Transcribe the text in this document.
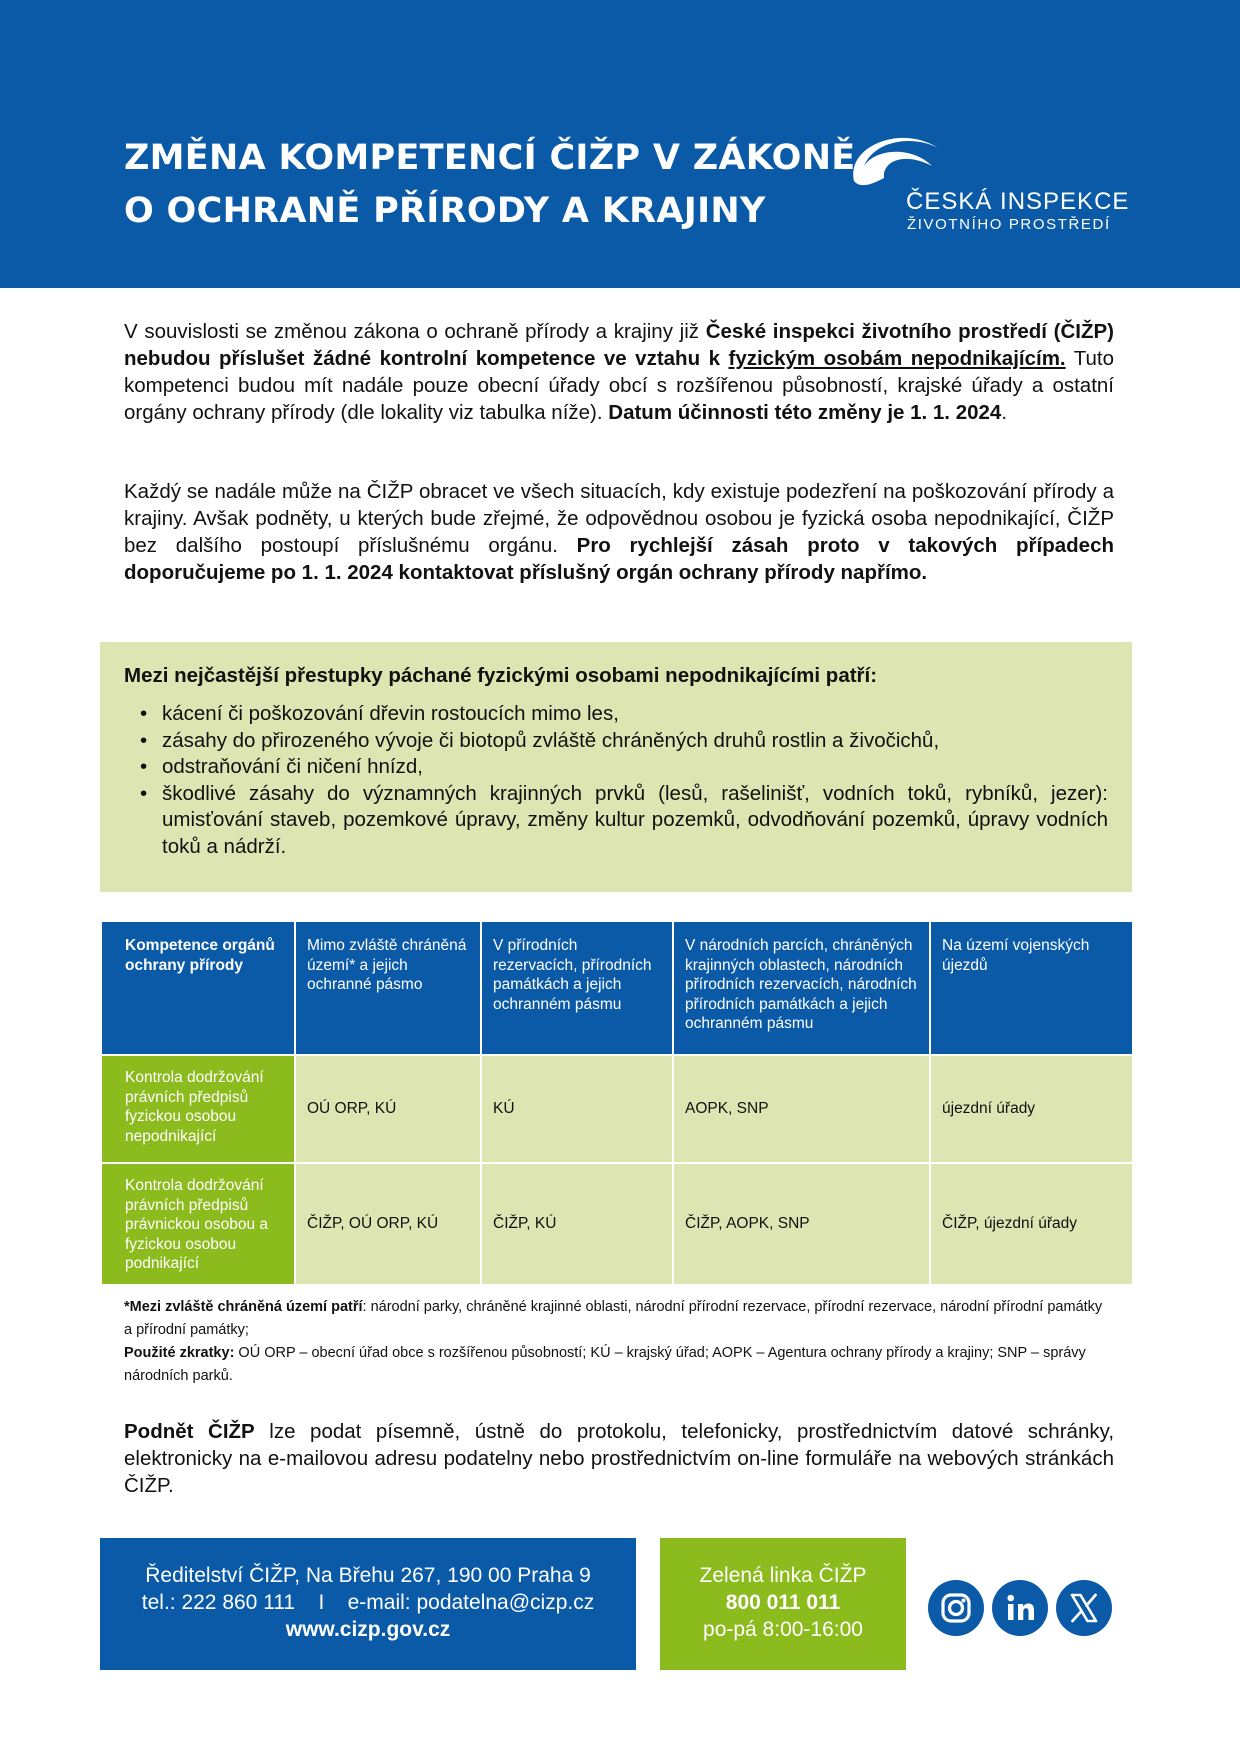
ZMĚNA KOMPETENCÍ ČIŽP V ZÁKONĚ
O OCHRANĚ PŘÍRODY A KRAJINY	ČESKÁ INSPEKCE
ŽIVOTNÍHO PROSTŘEDÍ

V souvislosti se změnou zákona o ochraně přírody a krajiny již České inspekci životního prostředí (ČIŽP) nebudou příslušet žádné kontrolní kompetence ve vztahu k fyzickým osobám nepodnikajícím. Tuto kompetenci budou mít nadále pouze obecní úřady obcí s rozšířenou působností, krajské úřady a ostatní orgány ochrany přírody (dle lokality viz tabulka níže). Datum účinnosti této změny je 1. 1. 2024.

Každý se nadále může na ČIŽP obracet ve všech situacích, kdy existuje podezření na poškozování přírody a krajiny. Avšak podněty, u kterých bude zřejmé, že odpovědnou osobou je fyzická osoba nepodnikající, ČIŽP bez dalšího postoupí příslušnému orgánu. Pro rychlejší zásah proto v takových případech doporučujeme po 1. 1. 2024 kontaktovat příslušný orgán ochrany přírody napřímo.

Mezi nejčastější přestupky páchané fyzickými osobami nepodnikajícími patří:
• kácení či poškozování dřevin rostoucích mimo les,
• zásahy do přirozeného vývoje či biotopů zvláště chráněných druhů rostlin a živočichů,
• odstraňování či ničení hnízd,
• škodlivé zásahy do významných krajinných prvků (lesů, rašelinišť, vodních toků, rybníků, jezer): umisťování staveb, pozemkové úpravy, změny kultur pozemků, odvodňování pozemků, úpravy vodních toků a nádrží.
Kompetence orgánů ochrany přírody	Mimo zvláště chráněná území* a jejich ochranné pásmo	V přírodních rezervacích, přírodních památkách a jejich ochranném pásmu	V národních parcích, chráněných krajinných oblastech, národních přírodních rezervacích, národních přírodních památkách a jejich ochranném pásmu	Na území vojenských újezdů
Kontrola dodržování právních předpisů fyzickou osobou nepodnikající	OÚ ORP, KÚ	KÚ	AOPK, SNP	újezdní úřady
Kontrola dodržování právních předpisů právnickou osobou a fyzickou osobou podnikající	ČIŽP, OÚ ORP, KÚ	ČIŽP, KÚ	ČIŽP, AOPK, SNP	ČIŽP, újezdní úřady
*Mezi zvláště chráněná území patří: národní parky, chráněné krajinné oblasti, národní přírodní rezervace, přírodní rezervace, národní přírodní památky a přírodní památky;
Použité zkratky: OÚ ORP – obecní úřad obce s rozšířenou působností; KÚ – krajský úřad; AOPK – Agentura ochrany přírody a krajiny; SNP – správy národních parků.
Podnět ČIŽP lze podat písemně, ústně do protokolu, telefonicky, prostřednictvím datové schránky, elektronicky na e-mailovou adresu podatelny nebo prostřednictvím on-line formuláře na webových stránkách ČIŽP.
Ředitelství ČIŽP, Na Břehu 267, 190 00 Praha 9
tel.: 222 860 111    I    e-mail: podatelna@cizp.cz
www.cizp.gov.cz
Zelená linka ČIŽP
800 011 011
po-pá 8:00-16:00
